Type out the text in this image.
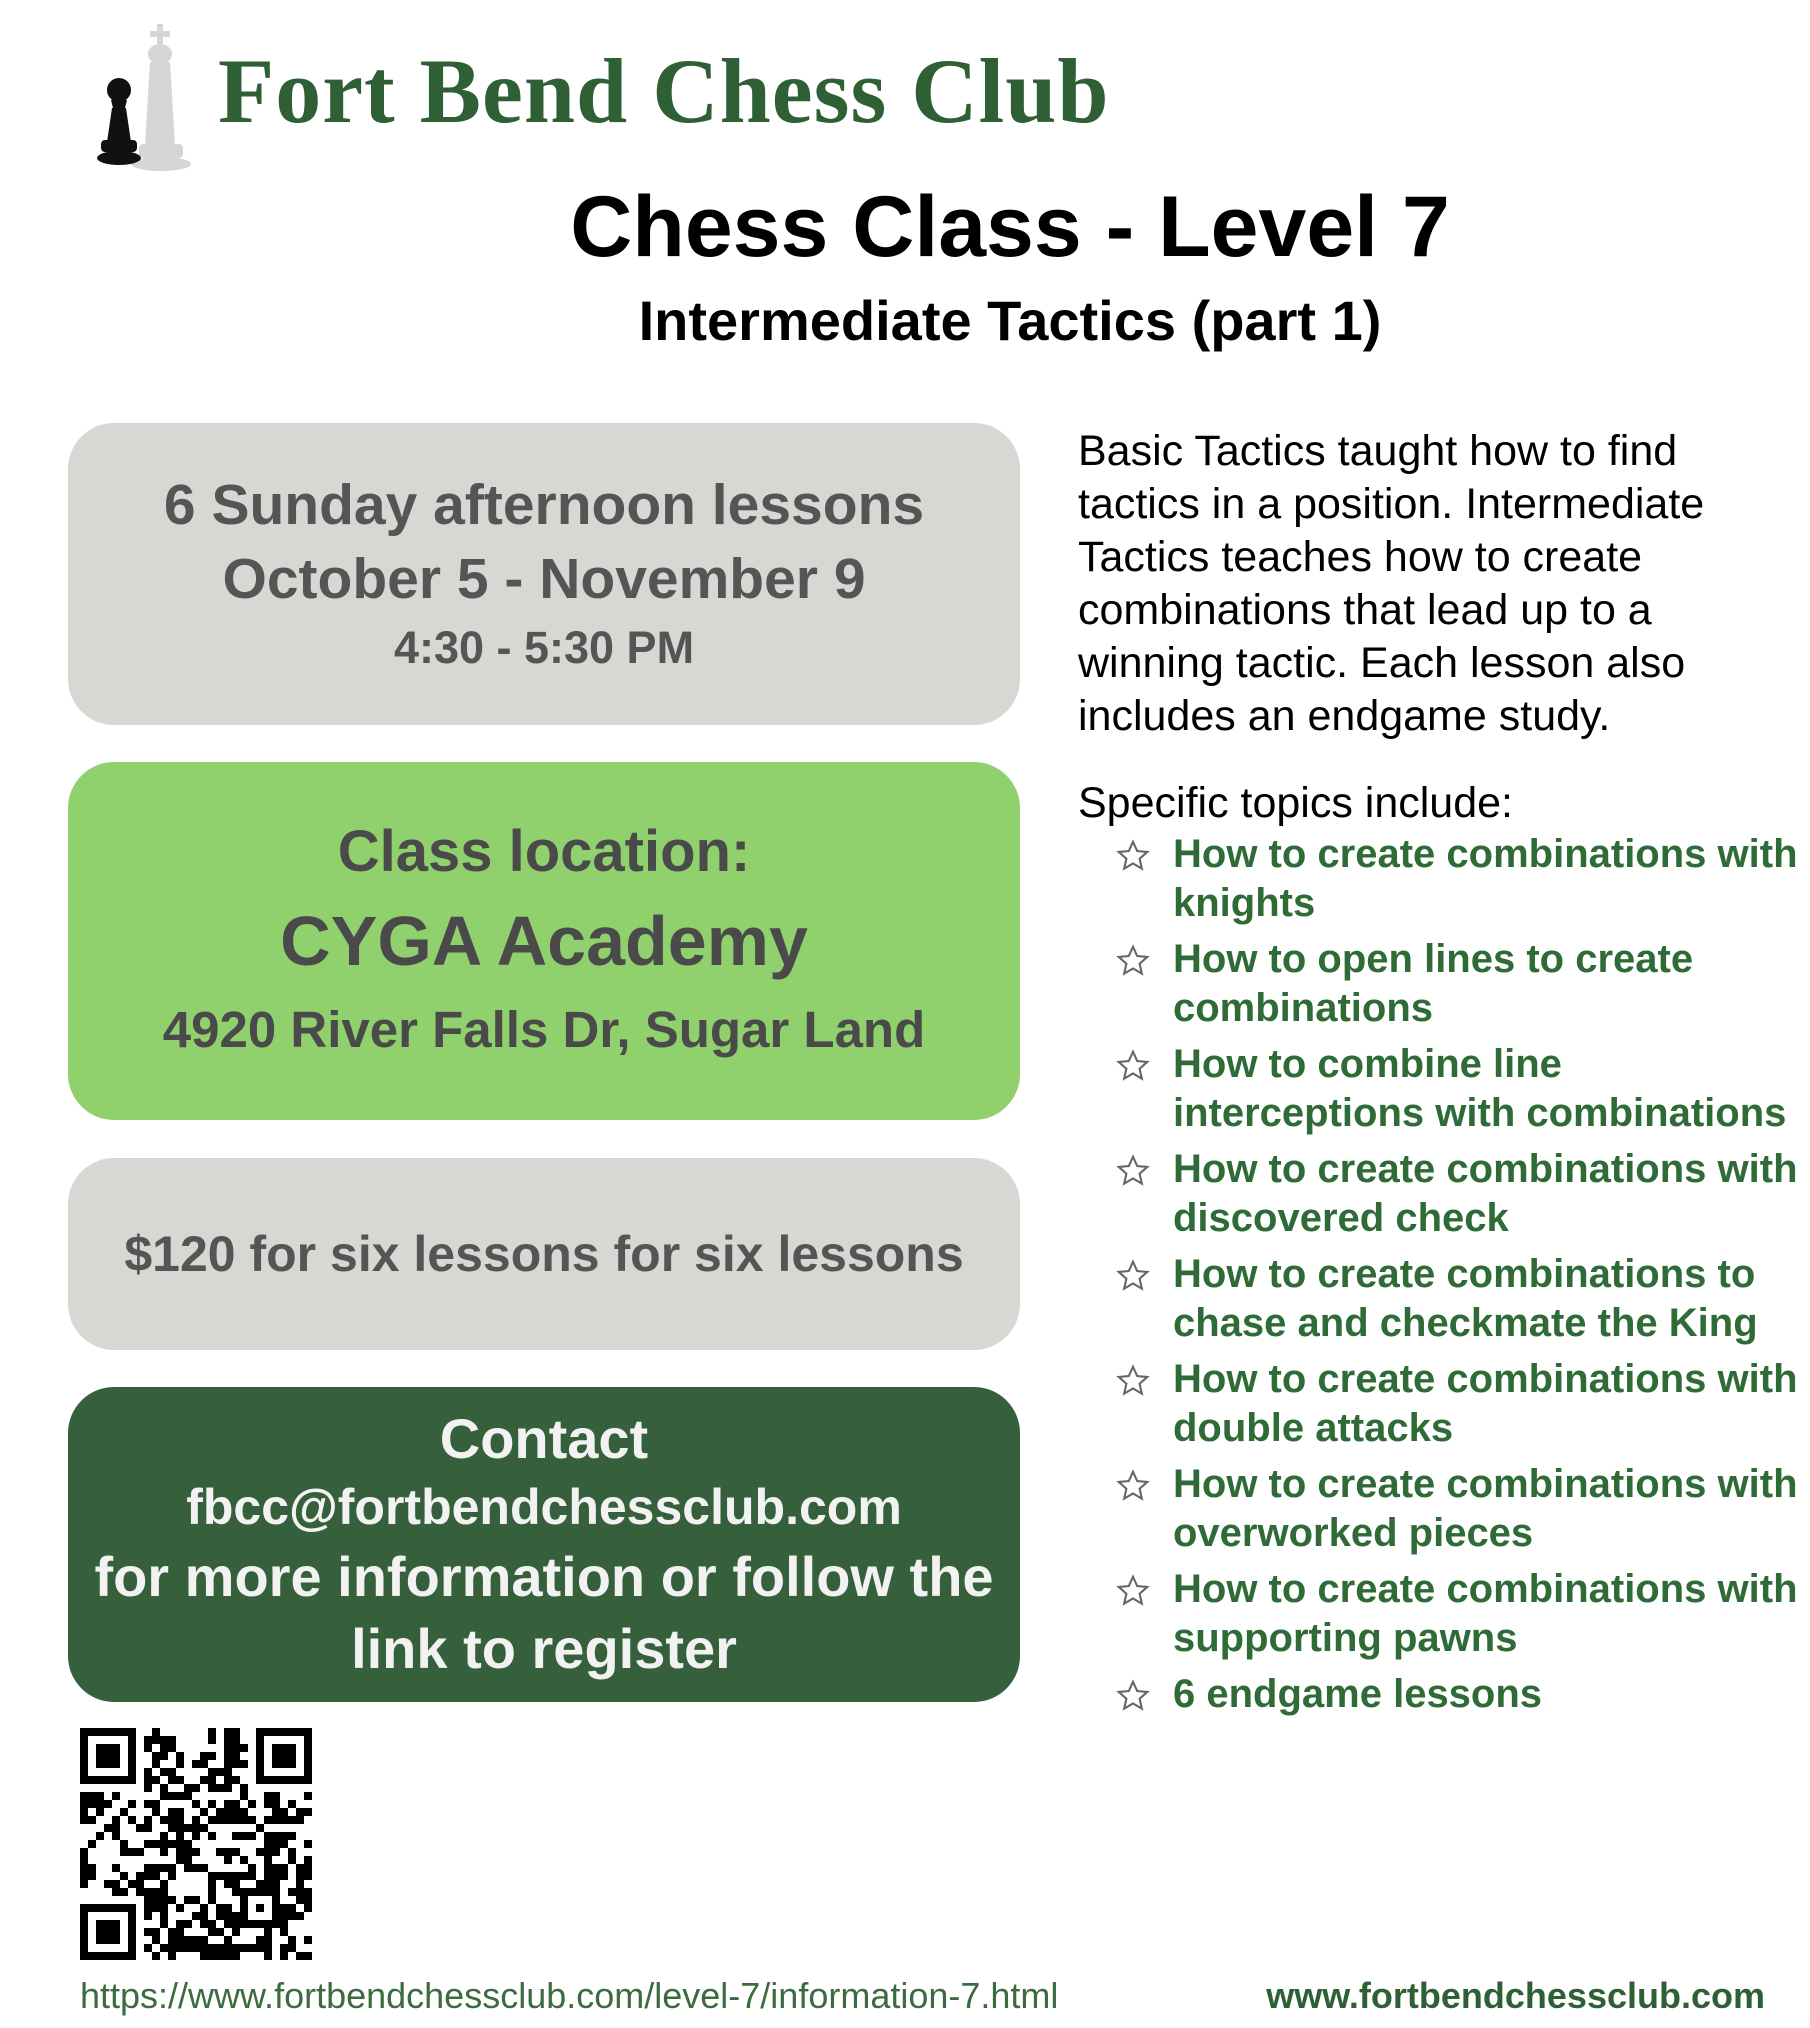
Fort Bend Chess Club
Chess Class - Level 7
Intermediate Tactics (part 1)
6 Sunday afternoon lessons
October 5 - November 9
4:30 - 5:30 PM
Class location:
CYGA Academy
4920 River Falls Dr, Sugar Land
$120 for six lessons for six lessons
Contact
fbcc@fortbendchessclub.com
for more information or follow the link to register

Basic Tactics taught how to find tactics in a position. Intermediate Tactics teaches how to create combinations that lead up to a winning tactic. Each lesson also includes an endgame study.

Specific topics include:

How to create combinations with knights
How to open lines to create combinations
How to combine line interceptions with combinations
How to create combinations with discovered check
How to create combinations to chase and checkmate the King
How to create combinations with double attacks
How to create combinations with overworked pieces
How to create combinations with supporting pawns
6 endgame lessons

https://www.fortbendchessclub.com/level-7/information-7.html	www.fortbendchessclub.com
